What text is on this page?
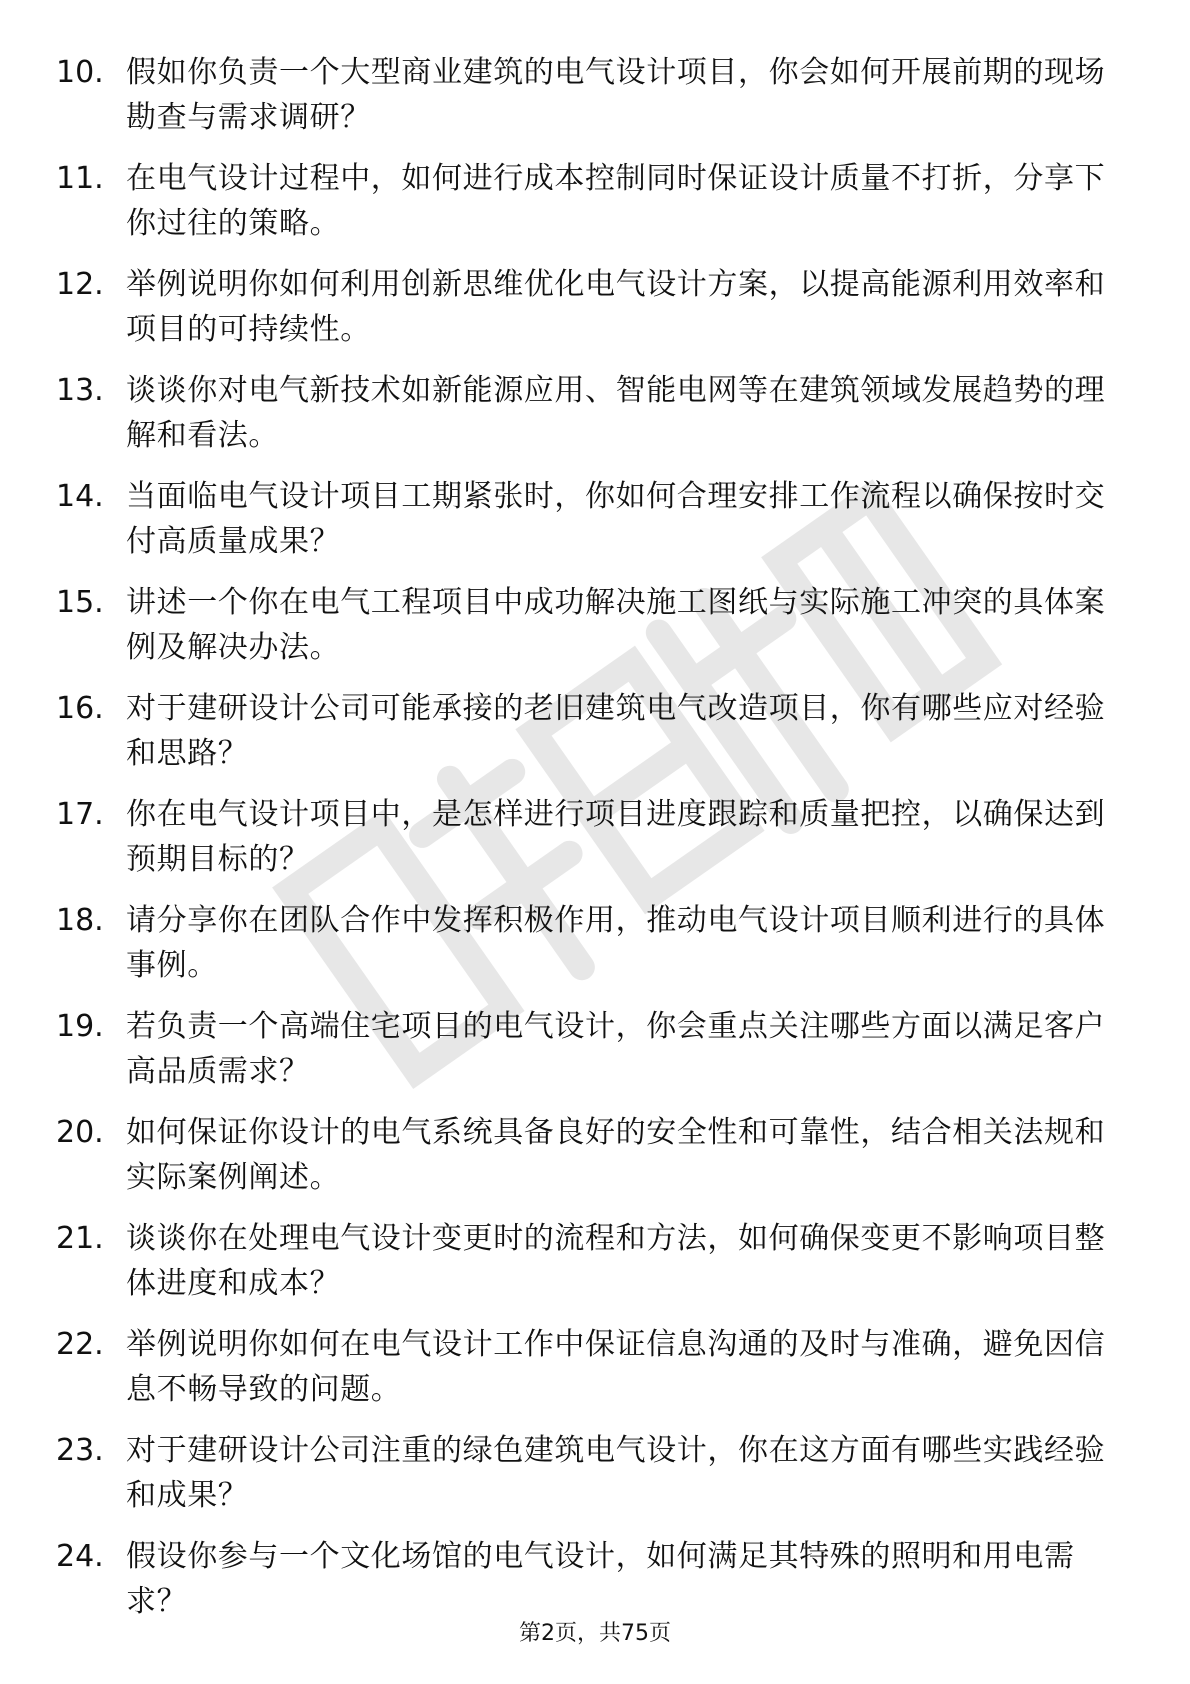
10. 假如你负责一个大型商业建筑的电气设计项目，你会如何开展前期的现场勘查与需求调研？
11. 在电气设计过程中，如何进行成本控制同时保证设计质量不打折，分享下你过往的策略。
12. 举例说明你如何利用创新思维优化电气设计方案，以提高能源利用效率和项目的可持续性。
13. 谈谈你对电气新技术如新能源应用、智能电网等在建筑领域发展趋势的理解和看法。
14. 当面临电气设计项目工期紧张时，你如何合理安排工作流程以确保按时交付高质量成果？
15. 讲述一个你在电气工程项目中成功解决施工图纸与实际施工冲突的具体案例及解决办法。
16. 对于建研设计公司可能承接的老旧建筑电气改造项目，你有哪些应对经验和思路？
17. 你在电气设计项目中，是怎样进行项目进度跟踪和质量把控，以确保达到预期目标的？
18. 请分享你在团队合作中发挥积极作用，推动电气设计项目顺利进行的具体事例。
19. 若负责一个高端住宅项目的电气设计，你会重点关注哪些方面以满足客户高品质需求？
20. 如何保证你设计的电气系统具备良好的安全性和可靠性，结合相关法规和实际案例阐述。
21. 谈谈你在处理电气设计变更时的流程和方法，如何确保变更不影响项目整体进度和成本？
22. 举例说明你如何在电气设计工作中保证信息沟通的及时与准确，避免因信息不畅导致的问题。
23. 对于建研设计公司注重的绿色建筑电气设计，你在这方面有哪些实践经验和成果？
24. 假设你参与一个文化场馆的电气设计，如何满足其特殊的照明和用电需求？
第2页，共75页
